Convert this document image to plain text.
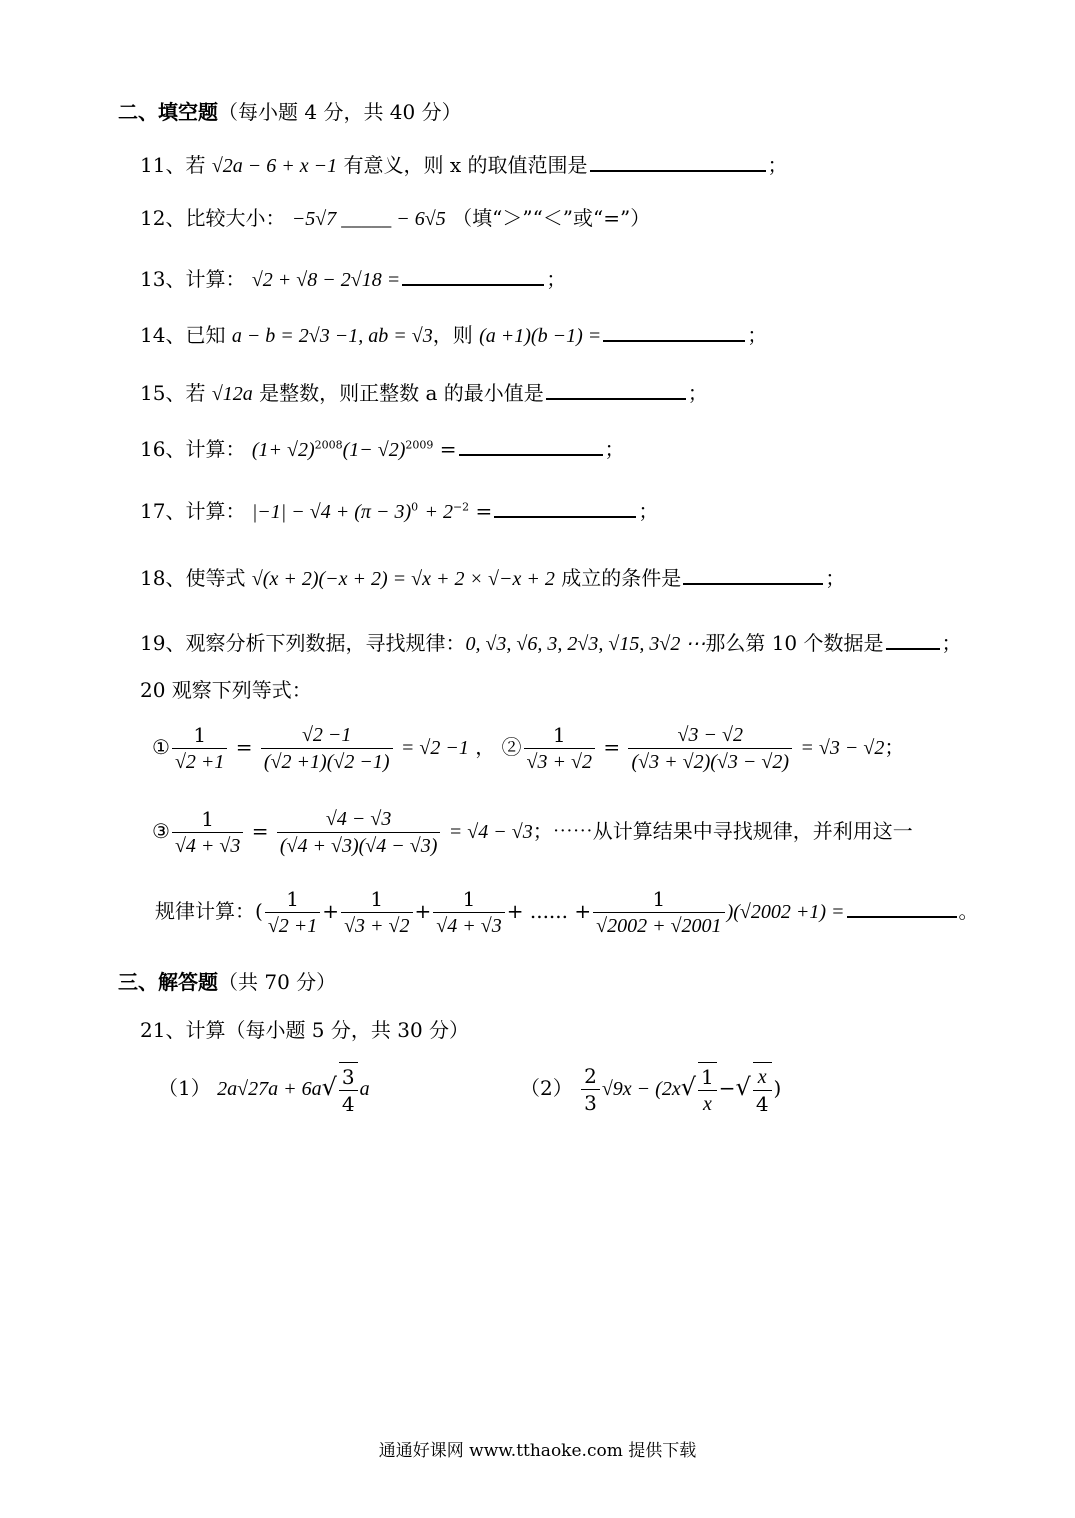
二、填空题（每小题 4 分，共 40 分）
11、若 √2a − 6 + x −1 有意义，则 x 的取值范围是	；
12、比较大小： −5√7 _____ − 6√5 （填“＞”“＜”或“=”）
13、计算： √2 + √8 − 2√18 =	；
14、已知 a − b = 2√3 −1, ab = √3，则 (a +1)(b −1) =	；
15、若 √12a 是整数，则正整数 a 的最小值是	；
16、计算： $(1+ √2)^{2008}(1- √2)^{2009}$ =	；
17、计算： $|-1| - √4 + (\pi - 3)^0 + 2^{-2}$ =	；
18、使等式 √(x + 2)(−x + 2) = √x + 2 × √−x + 2 成立的条件是	；
19、观察分析下列数据，寻找规律：0, √3, √6, 3, 2√3, √15, 3√2 ⋯那么第 10 个数据是	；
20 观察下列等式：
① $\frac{1}{√2 +1} = \frac{√2 -1}{(√2 +1)(√2 -1)} = √2 -1$ ， ② $\frac{1}{√3 + √2} = \frac{√3 - √2}{(√3 + √2)(√3 - √2)} = √3 - √2$；
③ $\frac{1}{√4 + √3} = \frac{√4 - √3}{(√4 + √3)(√4 - √3)} = √4 - √3$；⋯⋯从计算结果中寻找规律，并利用这一
规律计算：( $\frac{1}{√2 +1} + \frac{1}{√3 + √2} + \frac{1}{√4 + √3}$ + ...... + $\frac{1}{√2002 + √2001} )(√2002 +1)$ =	。
三、解答题（共 70 分）
21、计算（每小题 5 分，共 30 分）
（1） $2a√27a + 6a√ \frac{3}{4}$ a	$(2) \frac{2}{3} √9x - (2x√ \frac{1}{x}$ −√ $\frac{x}{4}$ )
通通好课网 www.tthaoke.com 提供下载
